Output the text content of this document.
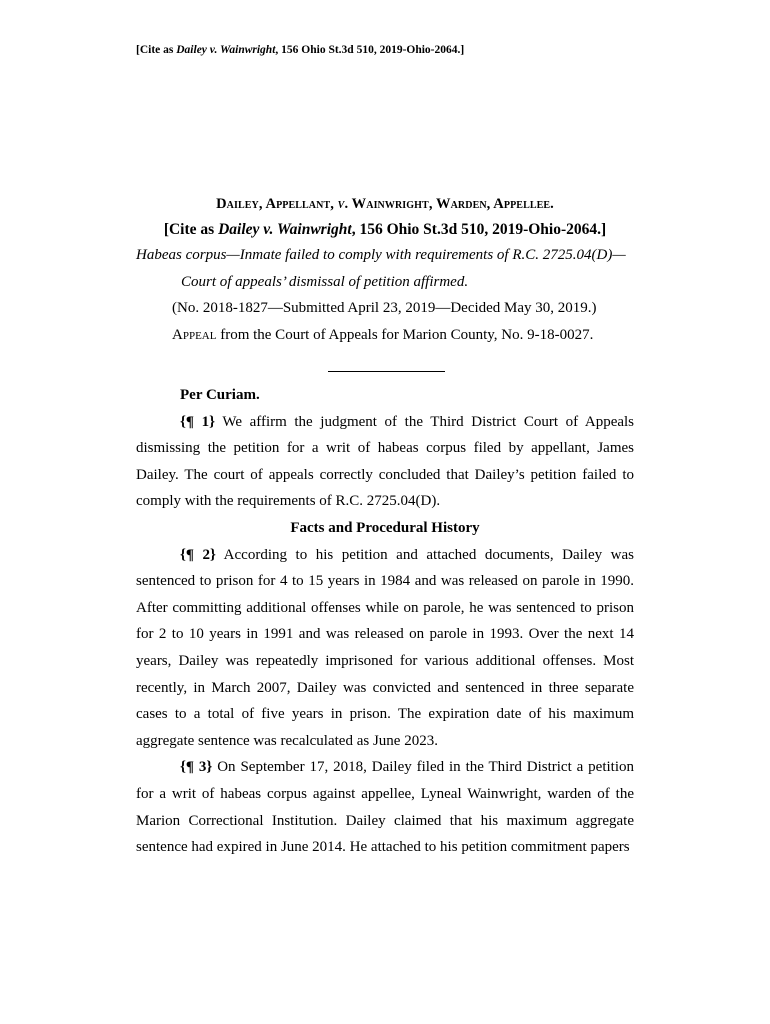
[Cite as Dailey v. Wainwright, 156 Ohio St.3d 510, 2019-Ohio-2064.]
Dailey, Appellant, v. Wainwright, Warden, Appellee.
[Cite as Dailey v. Wainwright, 156 Ohio St.3d 510, 2019-Ohio-2064.]
Habeas corpus—Inmate failed to comply with requirements of R.C. 2725.04(D)—
Court of appeals’ dismissal of petition affirmed.
(No. 2018-1827—Submitted April 23, 2019—Decided May 30, 2019.)
Appeal from the Court of Appeals for Marion County, No. 9-18-0027.

Per Curiam.

{¶ 1} We affirm the judgment of the Third District Court of Appeals dismissing the petition for a writ of habeas corpus filed by appellant, James Dailey. The court of appeals correctly concluded that Dailey’s petition failed to comply with the requirements of R.C. 2725.04(D).

Facts and Procedural History

{¶ 2} According to his petition and attached documents, Dailey was sentenced to prison for 4 to 15 years in 1984 and was released on parole in 1990. After committing additional offenses while on parole, he was sentenced to prison for 2 to 10 years in 1991 and was released on parole in 1993. Over the next 14 years, Dailey was repeatedly imprisoned for various additional offenses. Most recently, in March 2007, Dailey was convicted and sentenced in three separate cases to a total of five years in prison. The expiration date of his maximum aggregate sentence was recalculated as June 2023.

{¶ 3} On September 17, 2018, Dailey filed in the Third District a petition for a writ of habeas corpus against appellee, Lyneal Wainwright, warden of the Marion Correctional Institution. Dailey claimed that his maximum aggregate sentence had expired in June 2014. He attached to his petition commitment papers
